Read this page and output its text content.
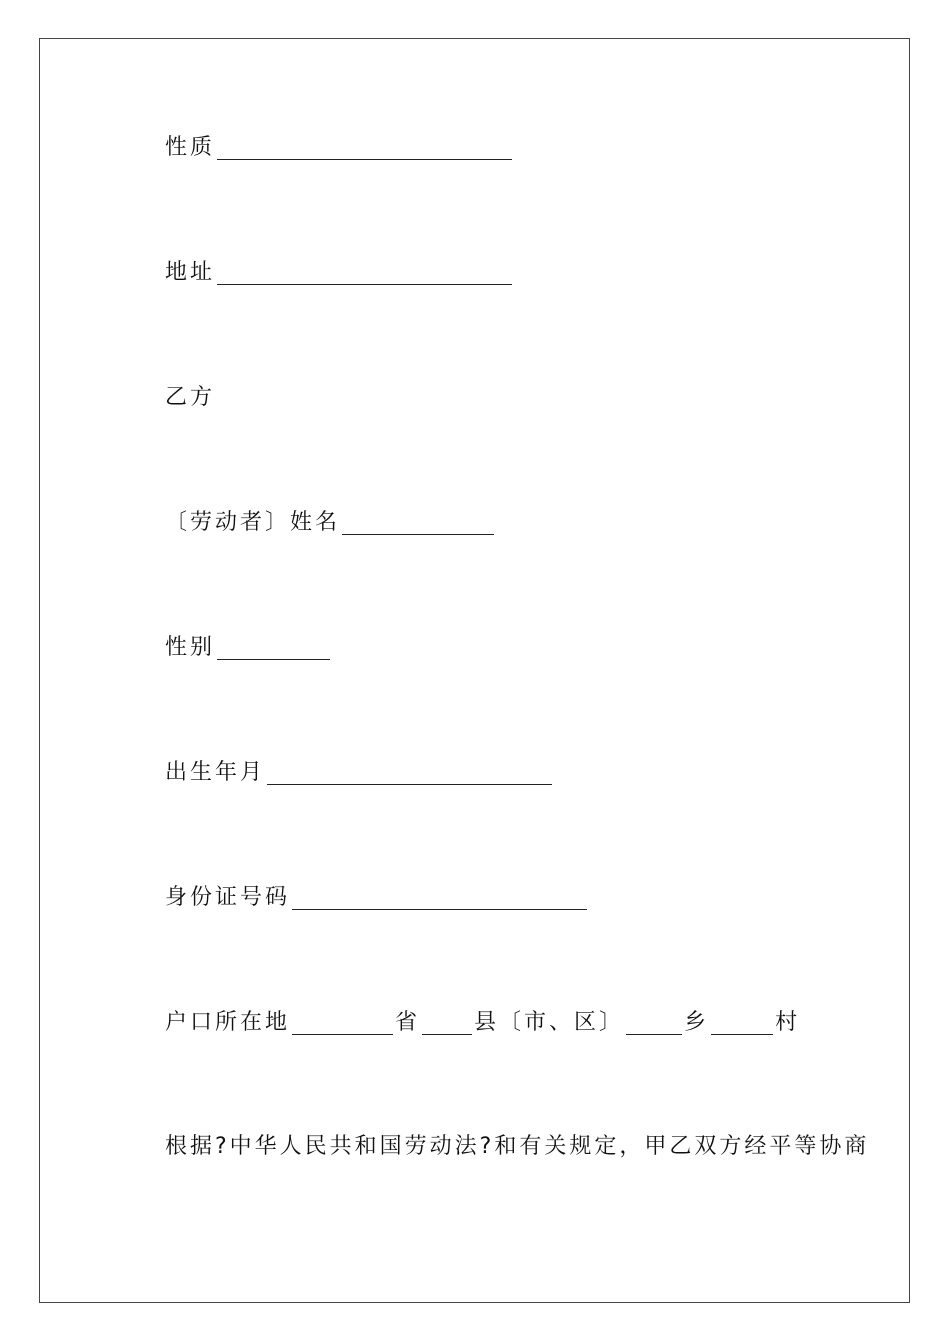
性质
地址
乙方
〔劳动者〕姓名
性别
出生年月
身份证号码
户口所在地	省 县〔市、区〕	乡	村
根据?中华人民共和国劳动法?和有关规定，甲乙双方经平等协商
